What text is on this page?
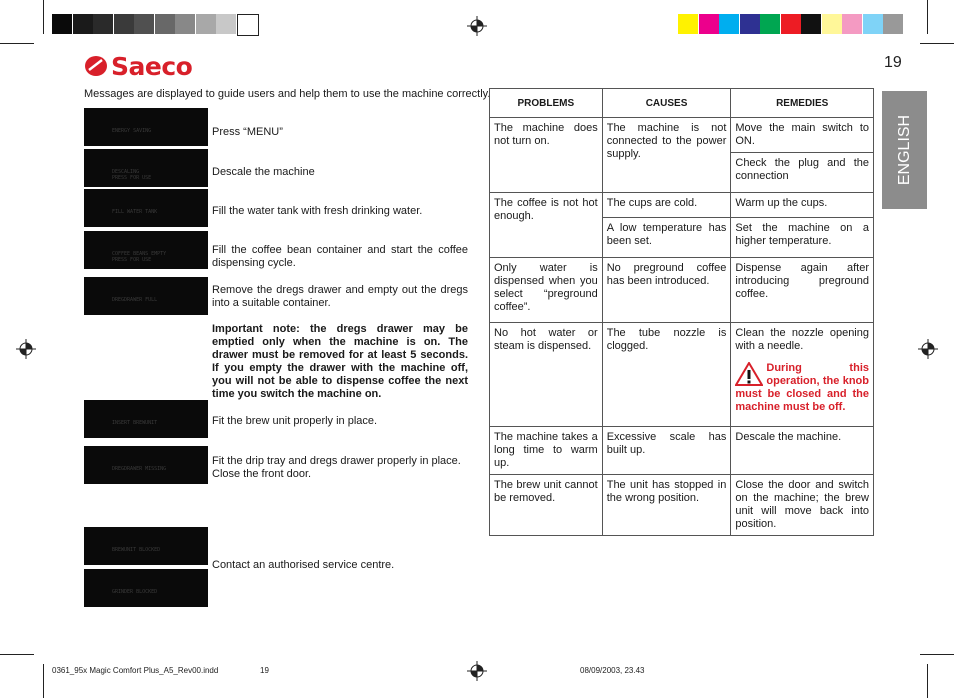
Saeco	19
ENGLISH
Messages are displayed to guide users and help them to use the machine correctly.
ENERGY SAVING
DESCALING
PRESS FOR USE
FILL WATER TANK
COFFEE BEANS EMPTY
PRESS FOR USE
DREGDRAWER FULL
INSERT BREWUNIT
DREGDRAWER MISSING
BREWUNIT BLOCKED
GRINDER BLOCKED
Press “MENU”
Descale the machine
Fill the water tank with fresh drinking water.
Fill the coffee bean container and start the coffee dispensing cycle.
Remove the dregs drawer and empty out the dregs into a suitable container.
Important note: the dregs drawer may be emptied only when the machine is on. The drawer must be removed for at least 5 seconds. If you empty the drawer with the machine off, you will not be able to dispense coffee the next time you switch the machine on.
Fit the brew unit properly in place.
Fit the drip tray and dregs drawer properly in place.
Close the front door.
Contact an authorised service centre.
PROBLEMS	CAUSES	REMEDIES
The machine does not turn on.	The machine is not connected to the power supply.	Move the main switch to ON.
		Check the plug and the connection
The coffee is not hot enough.	The cups are cold.	Warm up the cups.
	A low temperature has been set.	Set the machine on a higher temperature.
Only water is dispensed when you select “preground coffee”.	No preground coffee has been introduced.	Dispense again after introducing preground coffee.
No hot water or steam is dispensed.	The tube nozzle is clogged.	Clean the nozzle opening with a needle.
During this operation, the knob must be closed and the machine must be off.

The machine takes a long time to warm up.	Excessive scale has built up.	Descale the machine.
The brew unit cannot be removed.	The unit has stopped in the wrong position.	Close the door and switch on the machine; the brew unit will move back into position.
0361_95x Magic Comfort Plus_A5_Rev00.indd	19	08/09/2003, 23.43
